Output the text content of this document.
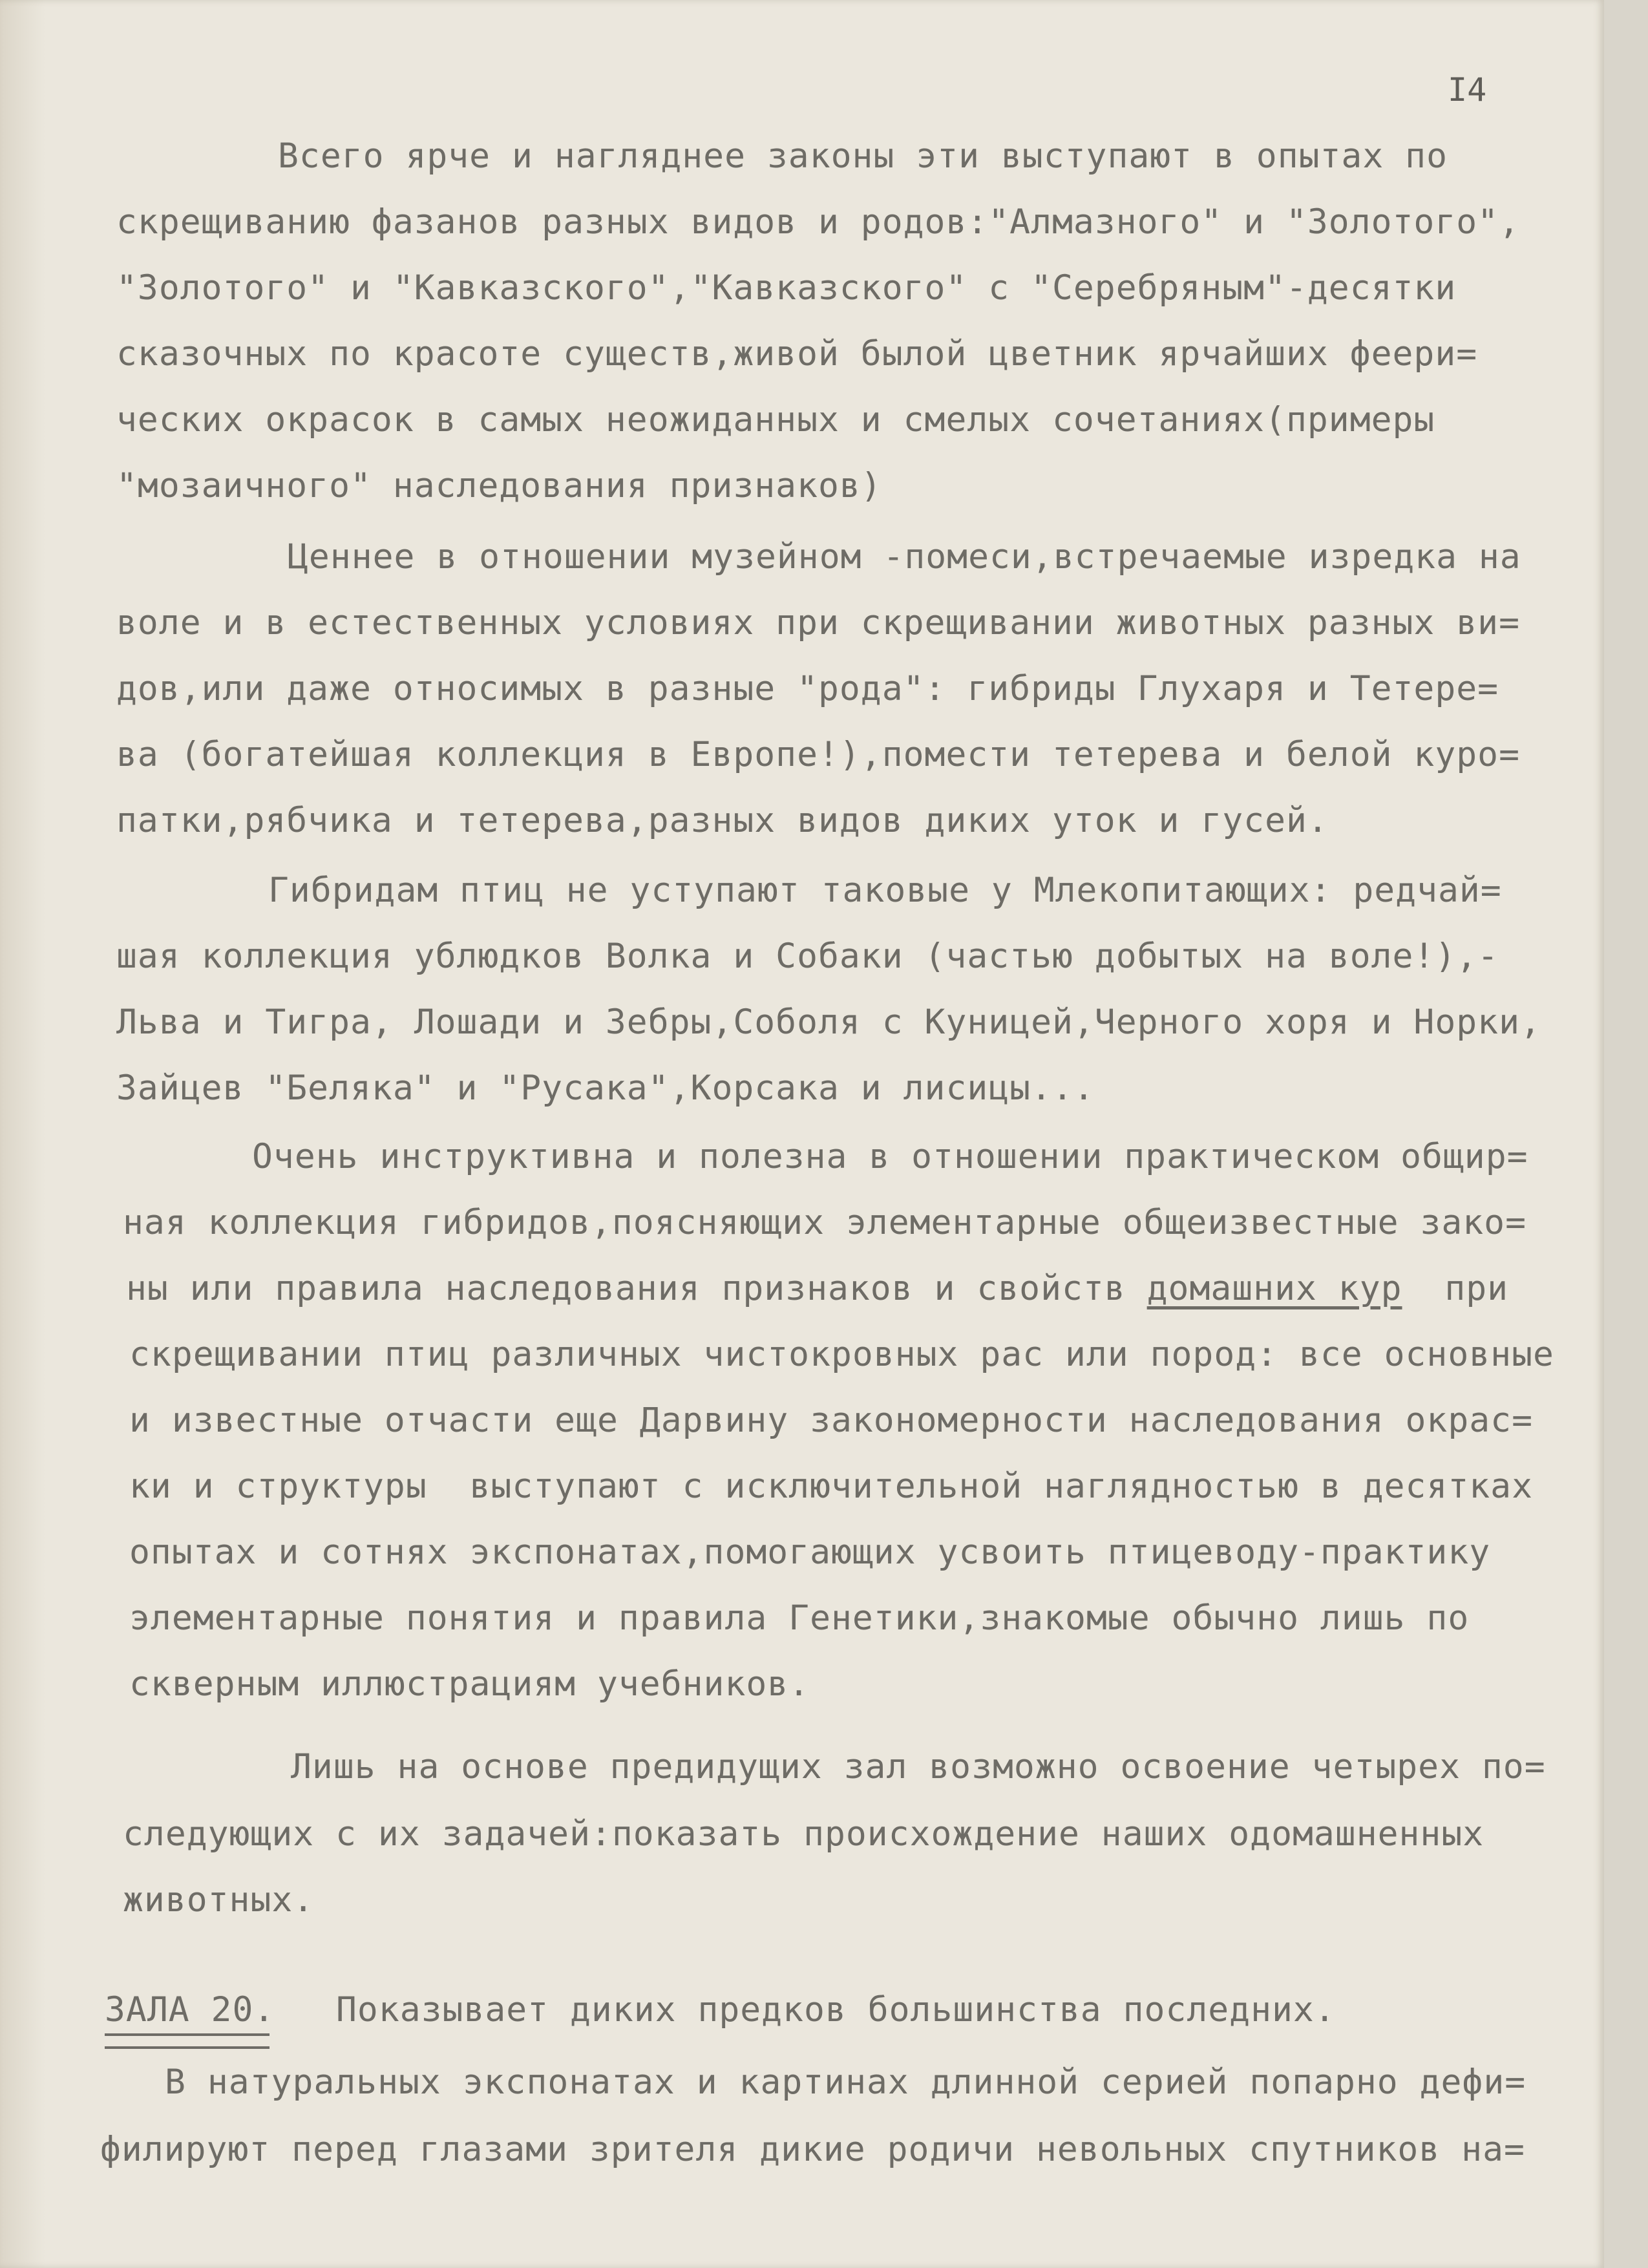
I4
Всего ярче и нагляднее законы эти выступают в опытах по
скрещиванию фазанов разных видов и родов:"Алмазного" и "Золотого",
"Золотого" и "Кавказского","Кавказского" с "Серебряным"-десятки
сказочных по красоте существ,живой былой цветник ярчайших феери=
ческих окрасок в самых неожиданных и смелых сочетаниях(примеры
"мозаичного" наследования признаков)
Ценнее в отношении музейном -помеси,встречаемые изредка на
воле и в естественных условиях при скрещивании животных разных ви=
дов,или даже относимых в разные "рода": гибриды Глухаря и Тетере=
ва (богатейшая коллекция в Европе!),помести тетерева и белой куро=
патки,рябчика и тетерева,разных видов диких уток и гусей.
Гибридам птиц не уступают таковые у Млекопитающих: редчай=
шая коллекция ублюдков Волка и Собаки (частью добытых на воле!),-
Льва и Тигра, Лошади и Зебры,Соболя с Куницей,Черного хоря и Норки,
Зайцев "Беляка" и "Русака",Корсака и лисицы...
Очень инструктивна и полезна в отношении практическом общир=
ная коллекция гибридов,поясняющих элементарные общеизвестные зако=
ны или правила наследования признаков и свойств домашних кур  при
скрещивании птиц различных чистокровных рас или пород: все основные
и известные отчасти еще Дарвину закономерности наследования окрас=
ки и структуры  выступают с исключительной наглядностью в десятках
опытах и сотнях экспонатах,помогающих усвоить птицеводу-практику
элементарные понятия и правила Генетики,знакомые обычно лишь по
скверным иллюстрациям учебников.
Лишь на основе предидущих зал возможно освоение четырех по=
следующих с их задачей:показать происхождение наших одомашненных
животных.
ЗАЛА 20. Показывает диких предков большинства последних.
В натуральных экспонатах и картинах длинной серией попарно дефи=
филируют перед глазами зрителя дикие родичи невольных спутников на=
